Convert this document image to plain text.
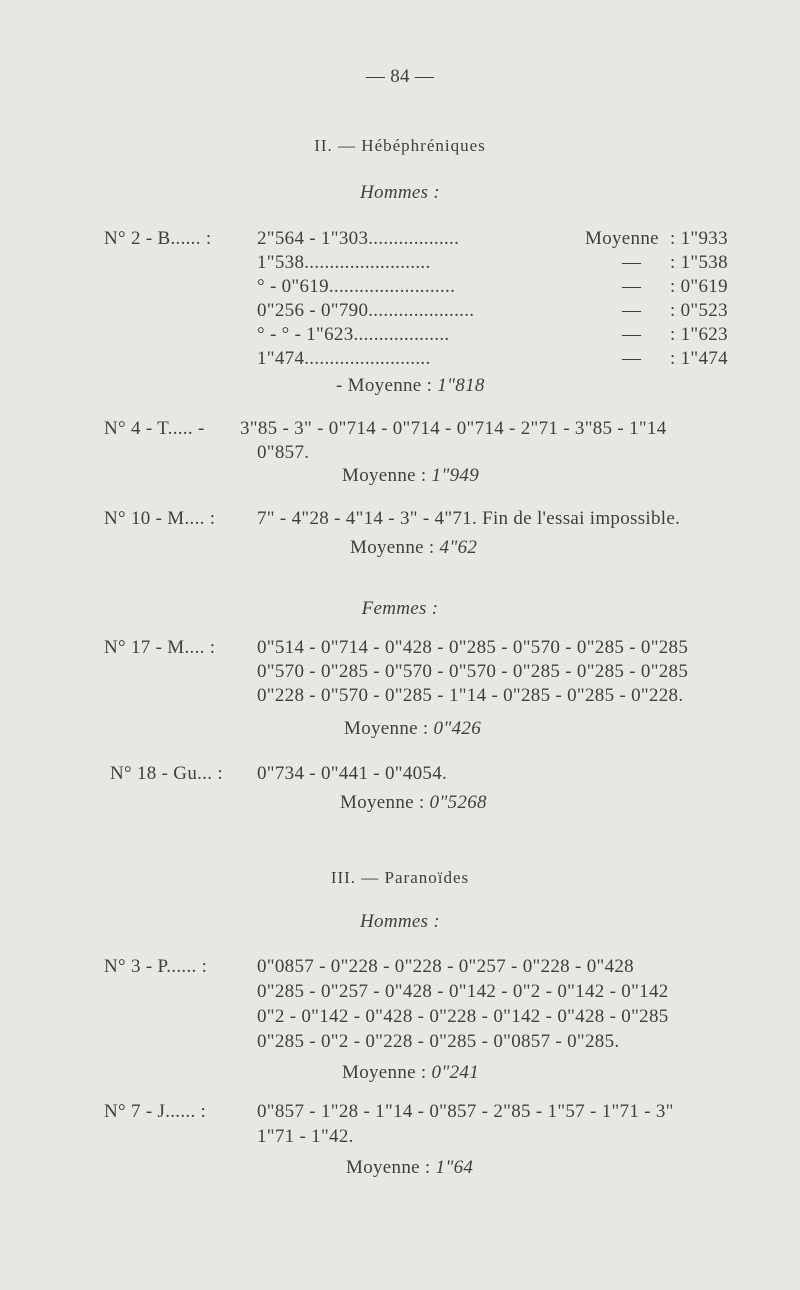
— 84 —
II. — Hébéphréniques
Hommes :
N° 2 - B...... : 2"564 - 1"303..................	Moyenne : 1"933
1"538.........................	— : 1"538
° - 0"619.........................	— : 0"619
0"256 - 0"790.....................	— : 0"523
° - ° - 1"623...................	— : 1"623
1"474.........................	— : 1"474
- Moyenne : 1"818
N° 4 - T..... - 3"85 - 3" - 0"714 - 0"714 - 0"714 - 2"71 - 3"85 - 1"14
0"857.
Moyenne : 1"949
N° 10 - M.... : 7" - 4"28 - 4"14 - 3" - 4"71. Fin de l'essai impossible.
Moyenne : 4"62
Femmes :
N° 17 - M.... : 0"514 - 0"714 - 0"428 - 0"285 - 0"570 - 0"285 - 0"285
0"570 - 0"285 - 0"570 - 0"570 - 0"285 - 0"285 - 0"285
0"228 - 0"570 - 0"285 - 1"14 - 0"285 - 0"285 - 0"228.
Moyenne : 0"426
N° 18 - Gu... : 0"734 - 0"441 - 0"4054.
Moyenne : 0"5268
III. — Paranoïdes
Hommes :
N° 3 - P...... :	0"0857 - 0"228 - 0"228 - 0"257 - 0"228 - 0"428
0"285 - 0"257 - 0"428 - 0"142 - 0"2 - 0"142 - 0"142
0"2 - 0"142 - 0"428 - 0"228 - 0"142 - 0"428 - 0"285
0"285 - 0"2 - 0"228 - 0"285 - 0"0857 - 0"285.
Moyenne : 0"241
N° 7 - J...... :	0"857 - 1"28 - 1"14 - 0"857 - 2"85 - 1"57 - 1"71 - 3"
1"71 - 1"42.
Moyenne : 1"64
